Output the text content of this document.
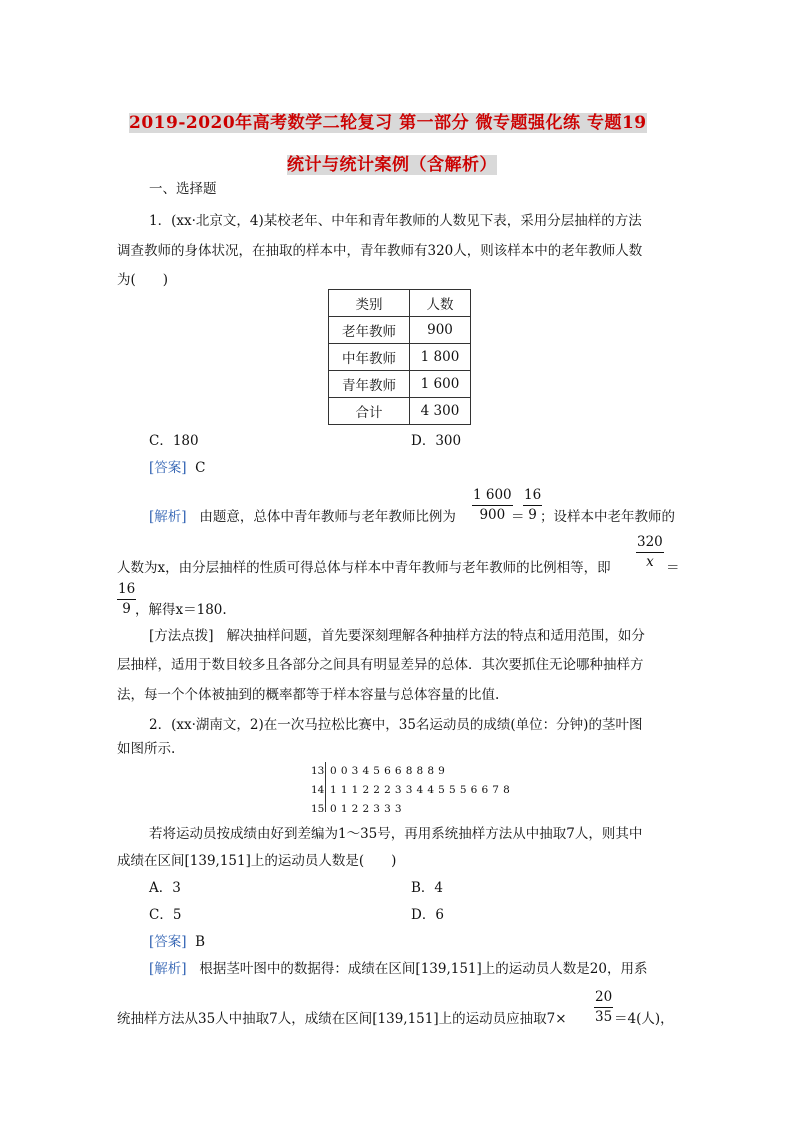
2019-2020年高考数学二轮复习 第一部分 微专题强化练 专题19
统计与统计案例（含解析）
一、选择题
1．(xx·北京文，4)某校老年、中年和青年教师的人数见下表，采用分层抽样的方法
调查教师的身体状况，在抽取的样本中，青年教师有320人，则该样本中的老年教师人数
为(　　)
类别	人数
老年教师	900
中年教师	1 800
青年教师	1 600
合计	4 300
C．180	D．300
[答案] C
[解析] 由题意，总体中青年教师与老年教师比例为 $\frac{1 600}{900}$
＝
$\frac{16}{9}$
；设样本中老年教师的
人数为x，由分层抽样的性质可得总体与样本中青年教师与老年教师的比例相等，即 $\frac{320}{x}$ ＝
$\frac{16}{9}$
，解得x＝180.
[方法点拨] 解决抽样问题，首先要深刻理解各种抽样方法的特点和适用范围，如分
层抽样，适用于数目较多且各部分之间具有明显差异的总体．其次要抓住无论哪种抽样方
法，每一个个体被抽到的概率都等于样本容量与总体容量的比值.
2．(xx·湖南文，2)在一次马拉松比赛中，35名运动员的成绩(单位：分钟)的茎叶图
如图所示.
13 0 0 3 4 5 6 6 8 8 8 9
14 1 1 1 2 2 2 3 3 4 4 5 5 5 6 6 7 8
15 0 1 2 2 3 3 3
若将运动员按成绩由好到差编为1～35号，再用系统抽样方法从中抽取7人，则其中
成绩在区间[139,151]上的运动员人数是(　　)
A．3	B．4
C．5	D．6
[答案] B
[解析] 根据茎叶图中的数据得：成绩在区间[139,151]上的运动员人数是20，用系
统抽样方法从35人中抽取7人，成绩在区间[139,151]上的运动员应抽取$7\times \frac{20}{35} =4$(人)，
